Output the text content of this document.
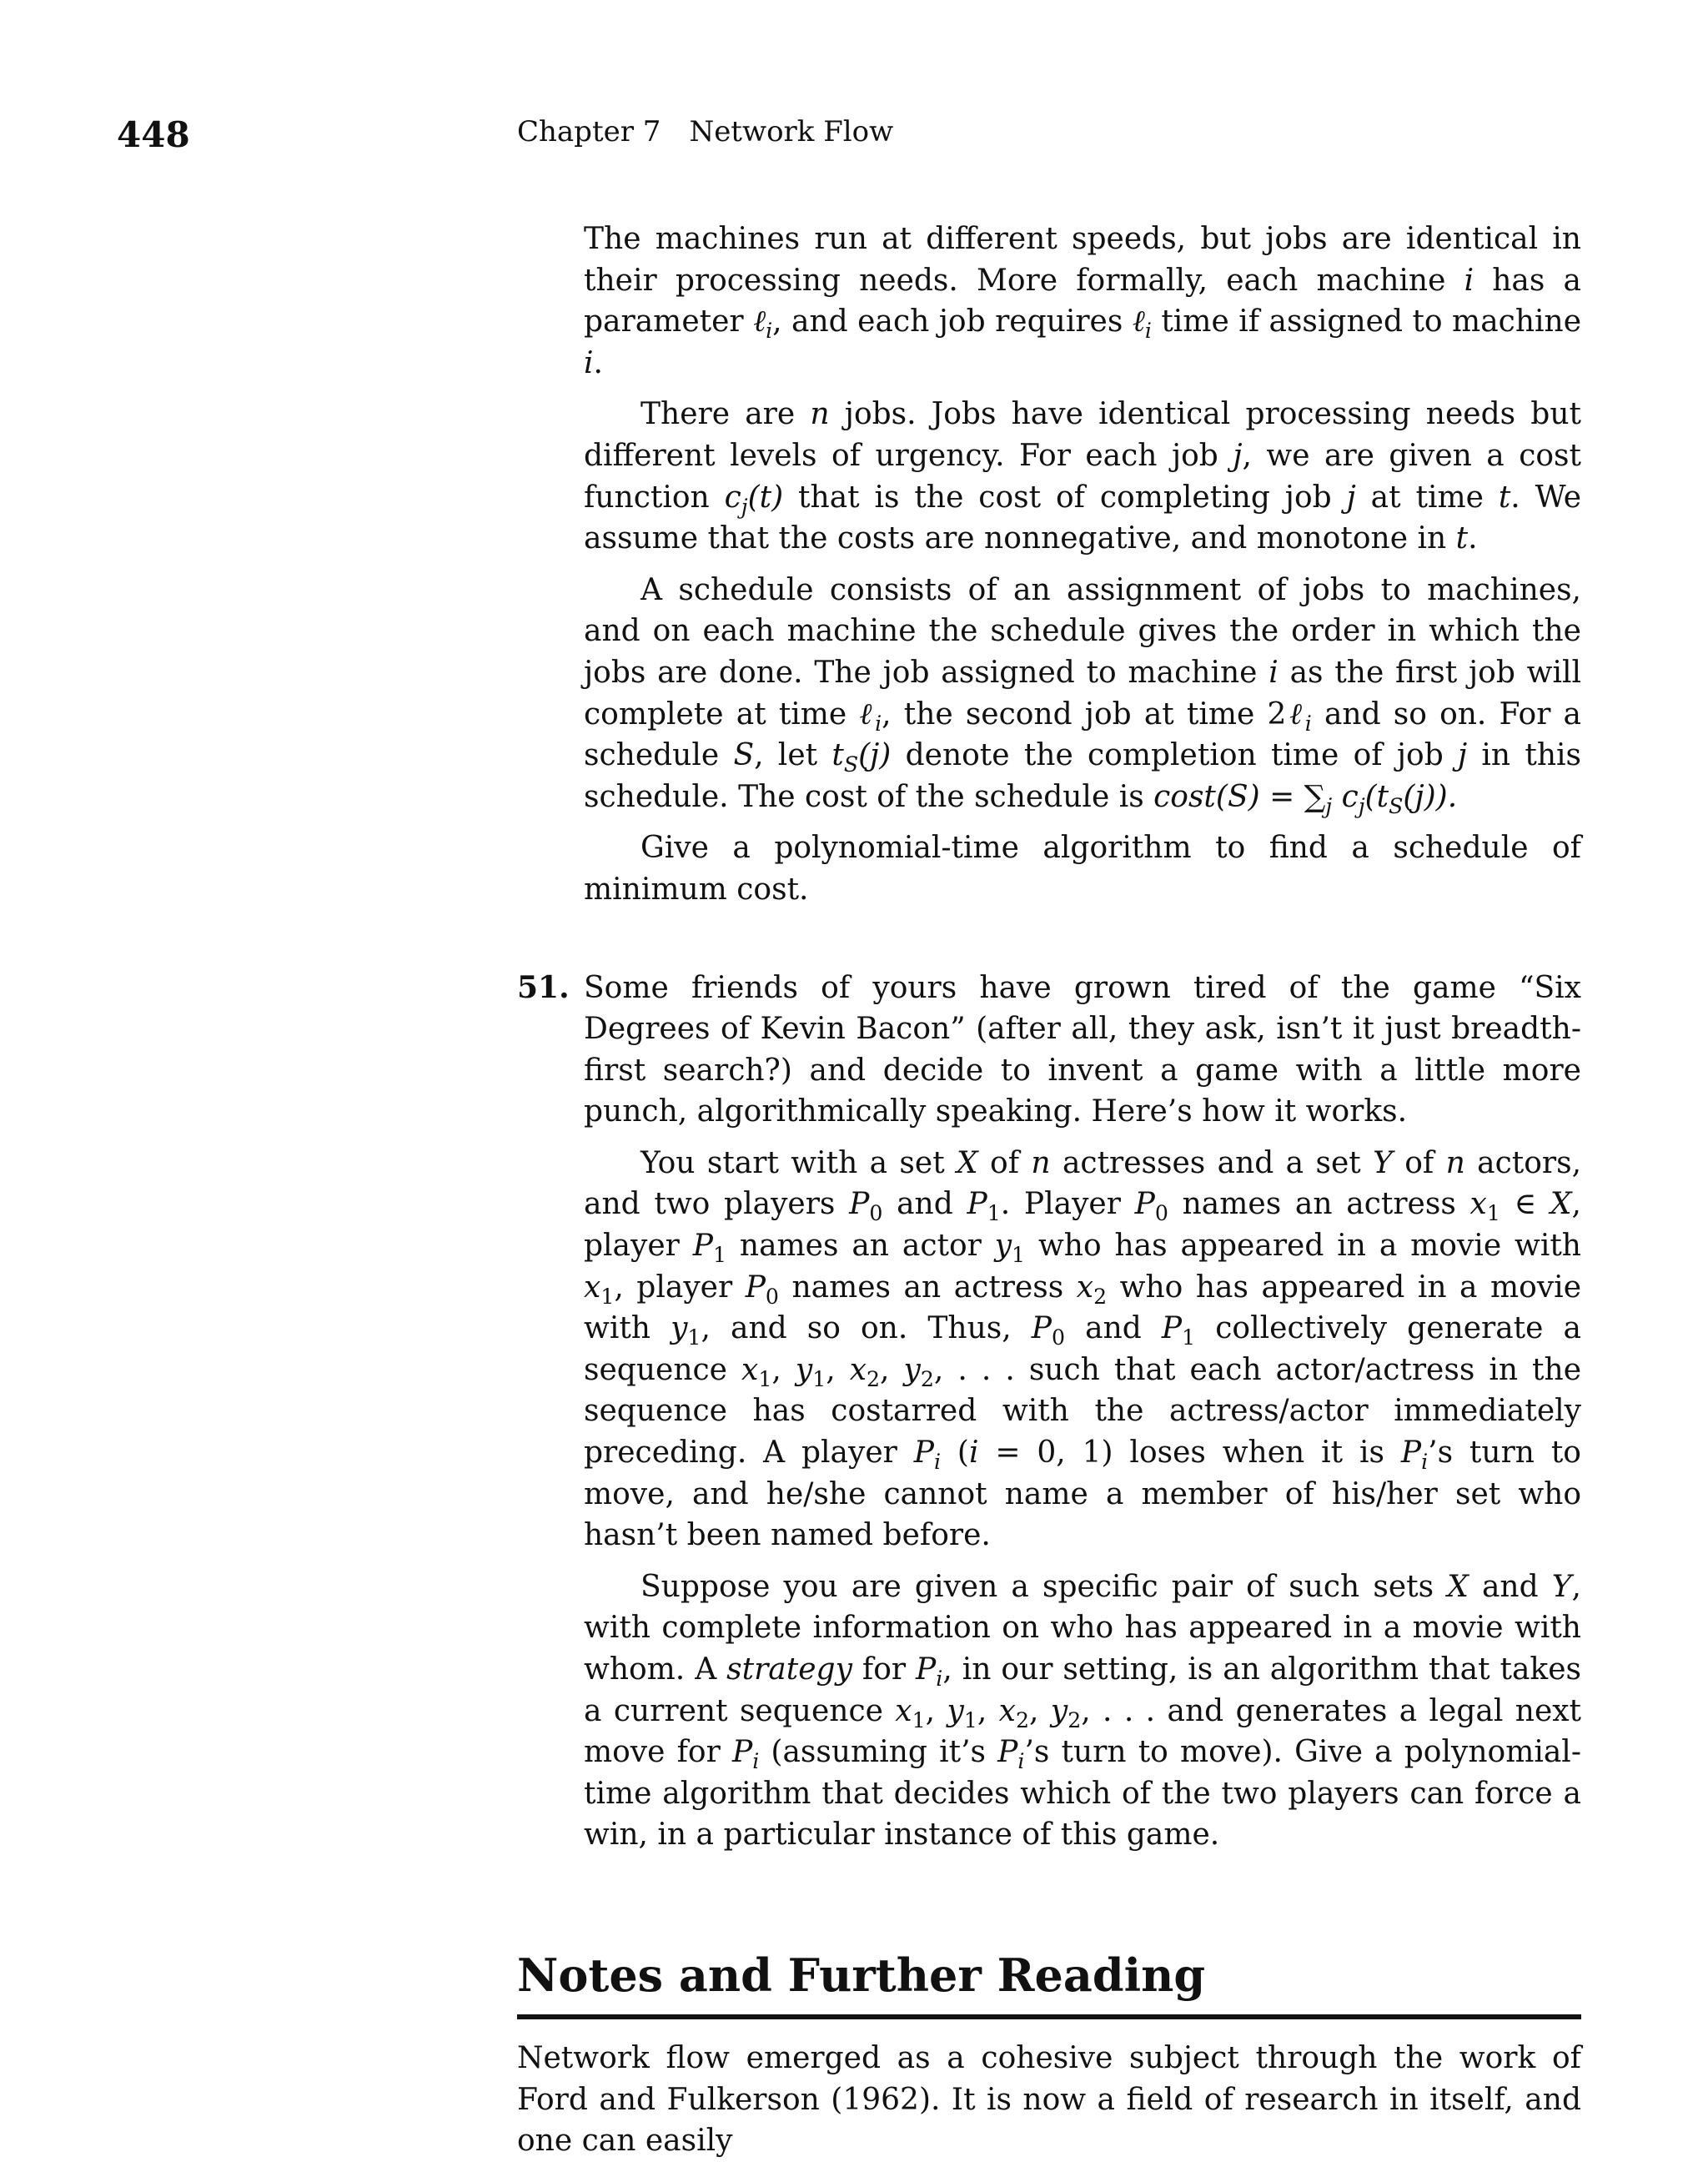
448	Chapter 7 Network Flow

The machines run at different speeds, but jobs are identical in their processing needs. More formally, each machine i has a parameter ℓ$_i$, and each job requires ℓ$_i$ time if assigned to machine i.

There are n jobs. Jobs have identical processing needs but different levels of urgency. For each job j, we are given a cost function $c_j(t)$ that is the cost of completing job j at time t. We assume that the costs are nonnegative, and monotone in t.

A schedule consists of an assignment of jobs to machines, and on each machine the schedule gives the order in which the jobs are done. The job assigned to machine i as the first job will complete at time ℓ$_i$, the second job at time 2ℓ$_i$ and so on. For a schedule S, let $t_S(j)$ denote the completion time of job j in this schedule. The cost of the schedule is $\cos t(S) = \sum_j$ $c_j(t_S(j))$.

Give a polynomial-time algorithm to find a schedule of minimum cost.

51. Some friends of yours have grown tired of the game “Six Degrees of Kevin Bacon” (after all, they ask, isn’t it just breadth-first search?) and decide to invent a game with a little more punch, algorithmically speaking. Here’s how it works.

You start with a set X of n actresses and a set Y of n actors, and two players $P_0$ and $P_1$. Player $P_0$ names an actress $x_1$ ∈ X, player $P_1$ names an actor $y_1$ who has appeared in a movie with $x_1$, player $P_0$ names an actress $x_2$ who has appeared in a movie with $y_1$, and so on. Thus, $P_0$ and $P_1$ collectively generate a sequence $x_1$, $y_1$, $x_2$, $y_2$, . . . such that each actor/actress in the sequence has costarred with the actress/actor immediately preceding. A player $P_i$ (i = 0, 1) loses when it is $P_i’s$ turn to move, and he/she cannot name a member of his/her set who hasn’t been named before.

Suppose you are given a specific pair of such sets X and Y, with complete information on who has appeared in a movie with whom. A strategy for $P_i$, in our setting, is an algorithm that takes a current sequence $x_1$, $y_1$, $x_2$, $y_2$, . . . and generates a legal next move for $P_i$ (assuming it’s $P_i’s$ turn to move). Give a polynomial-time algorithm that decides which of the two players can force a win, in a particular instance of this game.

Notes and Further Reading

Network flow emerged as a cohesive subject through the work of Ford and Fulkerson (1962). It is now a field of research in itself, and one can easily
